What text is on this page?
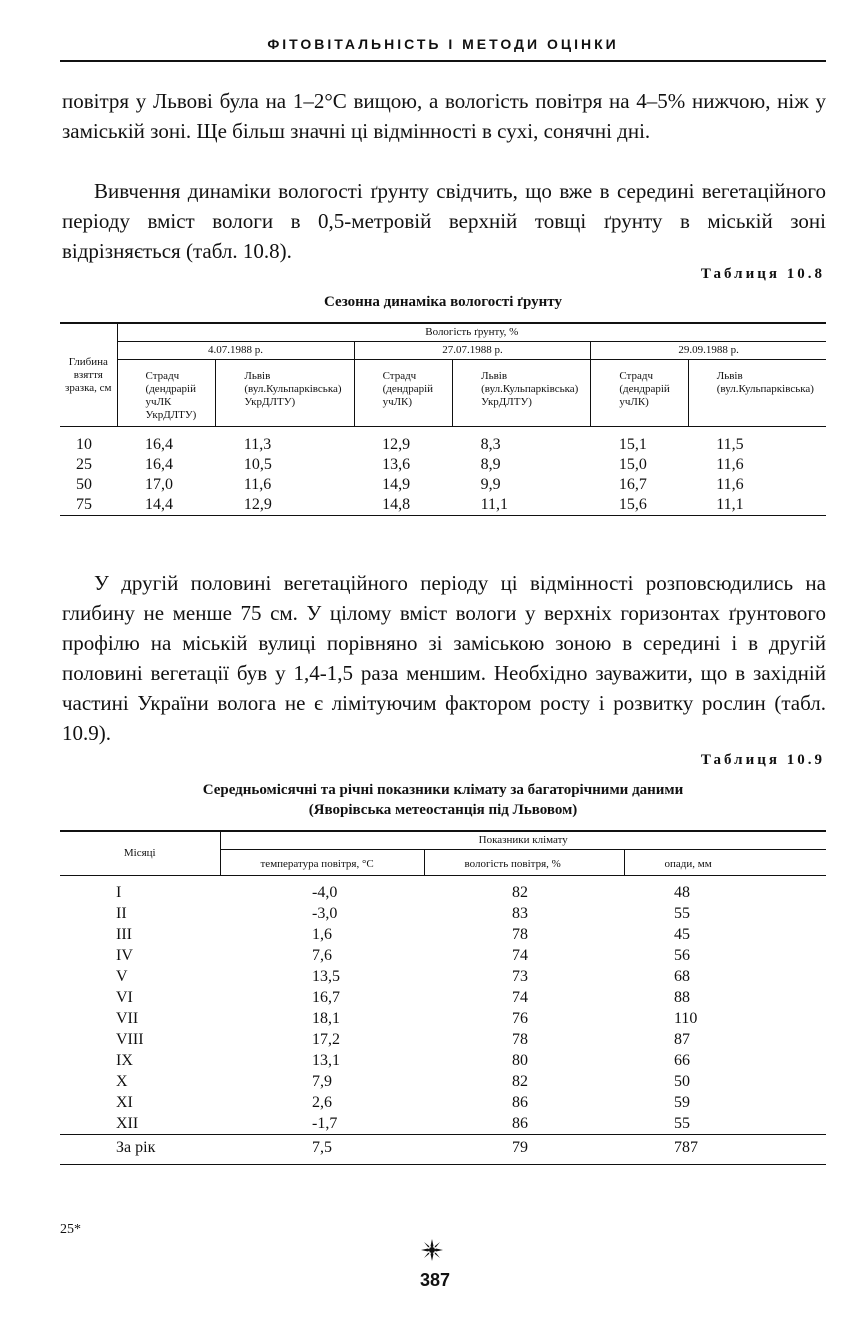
ФІТОВІТАЛЬНІСТЬ І МЕТОДИ ОЦІНКИ
повітря у Львові була на 1–2°С вищою, а вологість повітря на 4–5% нижчою, ніж у заміській зоні. Ще більш значні ці відмінності в сухі, сонячні дні.
Вивчення динаміки вологості ґрунту свідчить, що вже в середині вегетаційного періоду вміст вологи в 0,5-метровій верхній товщі ґрунту в міській зоні відрізняється (табл. 10.8).
Таблиця 10.8
Сезонна динаміка вологості ґрунту
Глибина взяття зразка, см	Вологість ґрунту, %					
	4.07.1988 р.		27.07.1988 р.		29.09.1988 р.	
	Страдч (дендрарій учЛК УкрДЛТУ)	Львів (вул.Кульпарківська) УкрДЛТУ)	Страдч (дендрарій учЛК)	Львів (вул.Кульпарківська) УкрДЛТУ)	Страдч (дендрарій учЛК)	Львів (вул.Кульпарківська)
10	16,4	11,3	12,9	8,3	15,1	11,5
25	16,4	10,5	13,6	8,9	15,0	11,6
50	17,0	11,6	14,9	9,9	16,7	11,6
75	14,4	12,9	14,8	11,1	15,6	11,1
У другій половині вегетаційного періоду ці відмінності розповсюдились на глибину не менше 75 см. У цілому вміст вологи у верхніх горизонтах ґрунтового профілю на міській вулиці порівняно зі заміською зоною в середині і в другій половині вегетації був у 1,4-1,5 раза меншим. Необхідно зауважити, що в західній частині України волога не є лімітуючим фактором росту і розвитку рослин (табл. 10.9).
Таблиця 10.9
Середньомісячні та річні показники клімату за багаторічними даними
(Яворівська метеостанція під Львовом)
Місяці	Показники клімату		
	температура повітря, °С	вологість повітря, %	опади, мм
I	-4,0	82	48
II	-3,0	83	55
III	1,6	78	45
IV	7,6	74	56
V	13,5	73	68
VI	16,7	74	88
VII	18,1	76	110
VIII	17,2	78	87
IX	13,1	80	66
X	7,9	82	50
XI	2,6	86	59
XII	-1,7	86	55
За рік	7,5	79	787
25*
387
